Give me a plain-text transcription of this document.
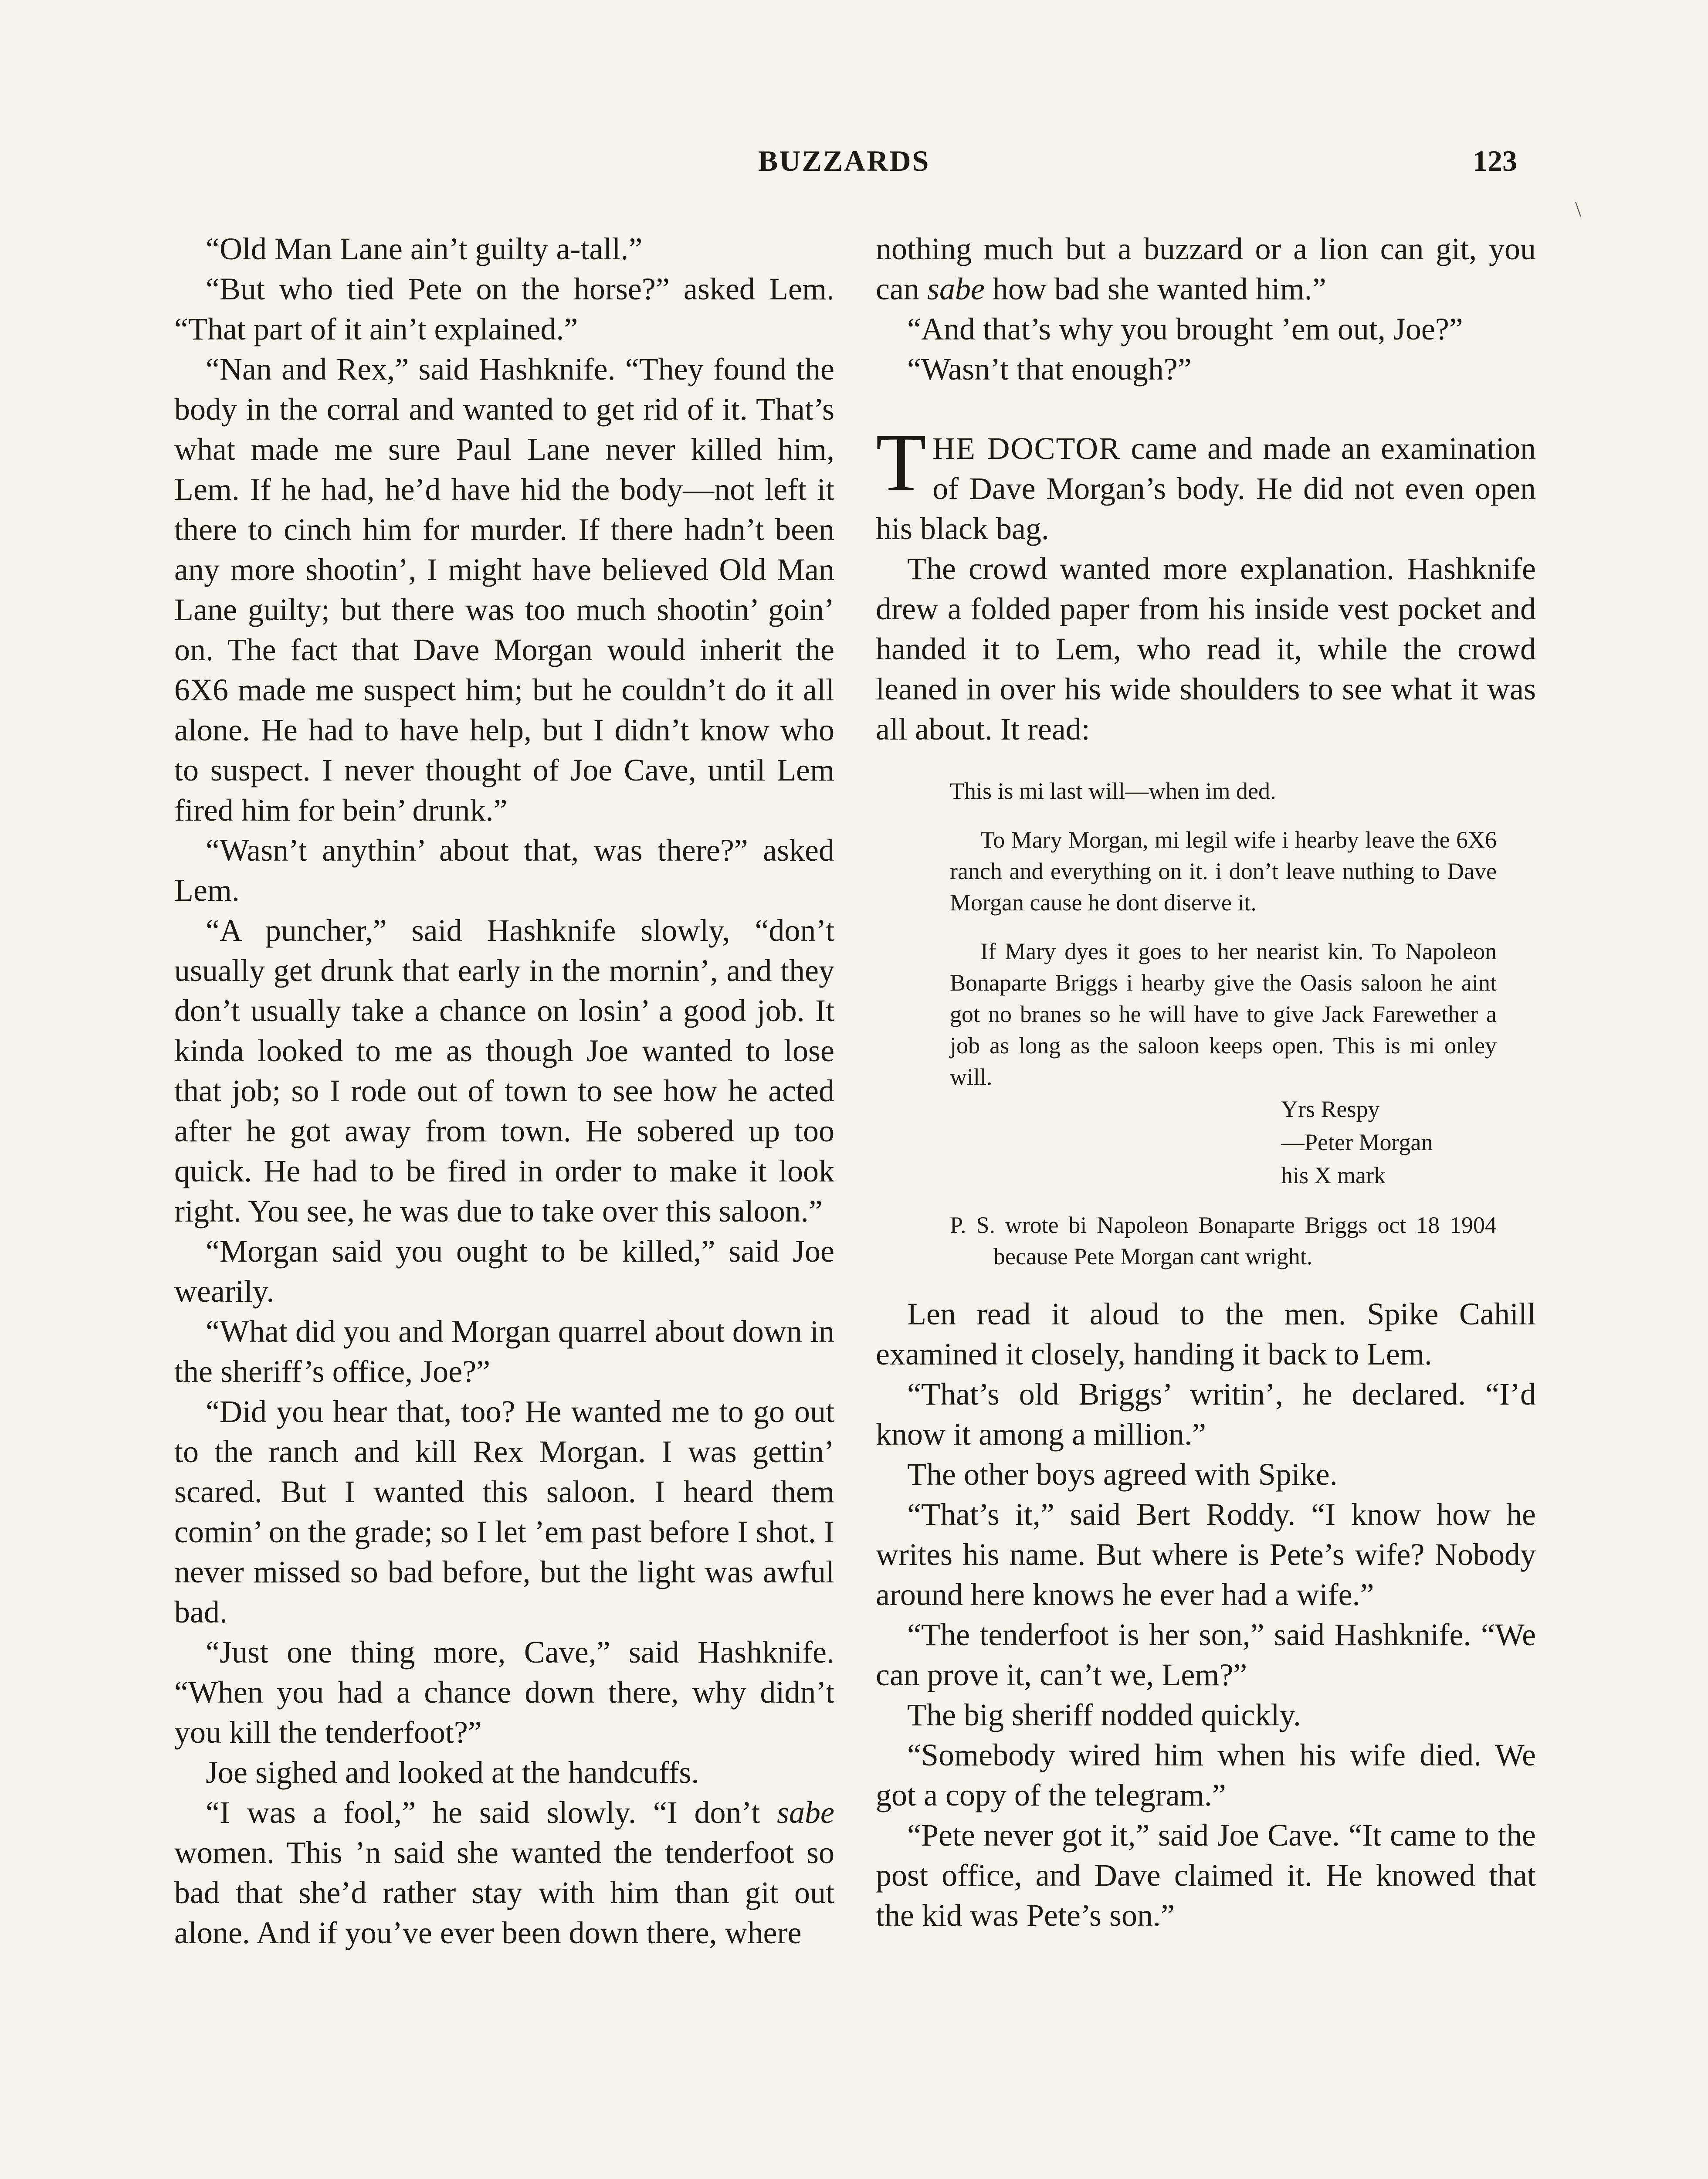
BUZZARDS	123
\

“Old Man Lane ain’t guilty a-tall.”

“But who tied Pete on the horse?” asked Lem. “That part of it ain’t explained.”

“Nan and Rex,” said Hashknife. “They found the body in the corral and wanted to get rid of it. That’s what made me sure Paul Lane never killed him, Lem. If he had, he’d have hid the body—not left it there to cinch him for murder. If there hadn’t been any more shootin’, I might have believed Old Man Lane guilty; but there was too much shootin’ goin’ on. The fact that Dave Morgan would inherit the 6X6 made me suspect him; but he couldn’t do it all alone. He had to have help, but I didn’t know who to suspect. I never thought of Joe Cave, until Lem fired him for bein’ drunk.”

“Wasn’t anythin’ about that, was there?” asked Lem.

“A puncher,” said Hashknife slowly, “don’t usually get drunk that early in the mornin’, and they don’t usually take a chance on losin’ a good job. It kinda looked to me as though Joe wanted to lose that job; so I rode out of town to see how he acted after he got away from town. He sobered up too quick. He had to be fired in order to make it look right. You see, he was due to take over this saloon.”

“Morgan said you ought to be killed,” said Joe wearily.

“What did you and Morgan quarrel about down in the sheriff’s office, Joe?”

“Did you hear that, too? He wanted me to go out to the ranch and kill Rex Morgan. I was gettin’ scared. But I wanted this saloon. I heard them comin’ on the grade; so I let ’em past before I shot. I never missed so bad before, but the light was awful bad.

“Just one thing more, Cave,” said Hashknife. “When you had a chance down there, why didn’t you kill the tenderfoot?”

Joe sighed and looked at the handcuffs.

“I was a fool,” he said slowly. “I don’t sabe women. This ’n said she wanted the tenderfoot so bad that she’d rather stay with him than git out alone. And if you’ve ever been down there, where

nothing much but a buzzard or a lion can git, you can sabe how bad she wanted him.”

“And that’s why you brought ’em out, Joe?”

“Wasn’t that enough?”

THE DOCTOR came and made an examination of Dave Morgan’s body. He did not even open his black bag.

The crowd wanted more explanation. Hashknife drew a folded paper from his inside vest pocket and handed it to Lem, who read it, while the crowd leaned in over his wide shoulders to see what it was all about. It read:

This is mi last will—when im ded.

To Mary Morgan, mi legil wife i hearby leave the 6X6 ranch and everything on it. i don’t leave nuthing to Dave Morgan cause he dont diserve it.

If Mary dyes it goes to her nearist kin. To Napoleon Bonaparte Briggs i hearby give the Oasis saloon he aint got no branes so he will have to give Jack Farewether a job as long as the saloon keeps open. This is mi onley will.

Yrs Respy

—Peter Morgan

his X mark

P. S. wrote bi Napoleon Bonaparte Briggs oct 18 1904 because Pete Morgan cant wright.

Len read it aloud to the men. Spike Cahill examined it closely, handing it back to Lem.

“That’s old Briggs’ writin’, he declared. “I’d know it among a million.”

The other boys agreed with Spike.

“That’s it,” said Bert Roddy. “I know how he writes his name. But where is Pete’s wife? Nobody around here knows he ever had a wife.”

“The tenderfoot is her son,” said Hashknife. “We can prove it, can’t we, Lem?”

The big sheriff nodded quickly.

“Somebody wired him when his wife died. We got a copy of the telegram.”

“Pete never got it,” said Joe Cave. “It came to the post office, and Dave claimed it. He knowed that the kid was Pete’s son.”
